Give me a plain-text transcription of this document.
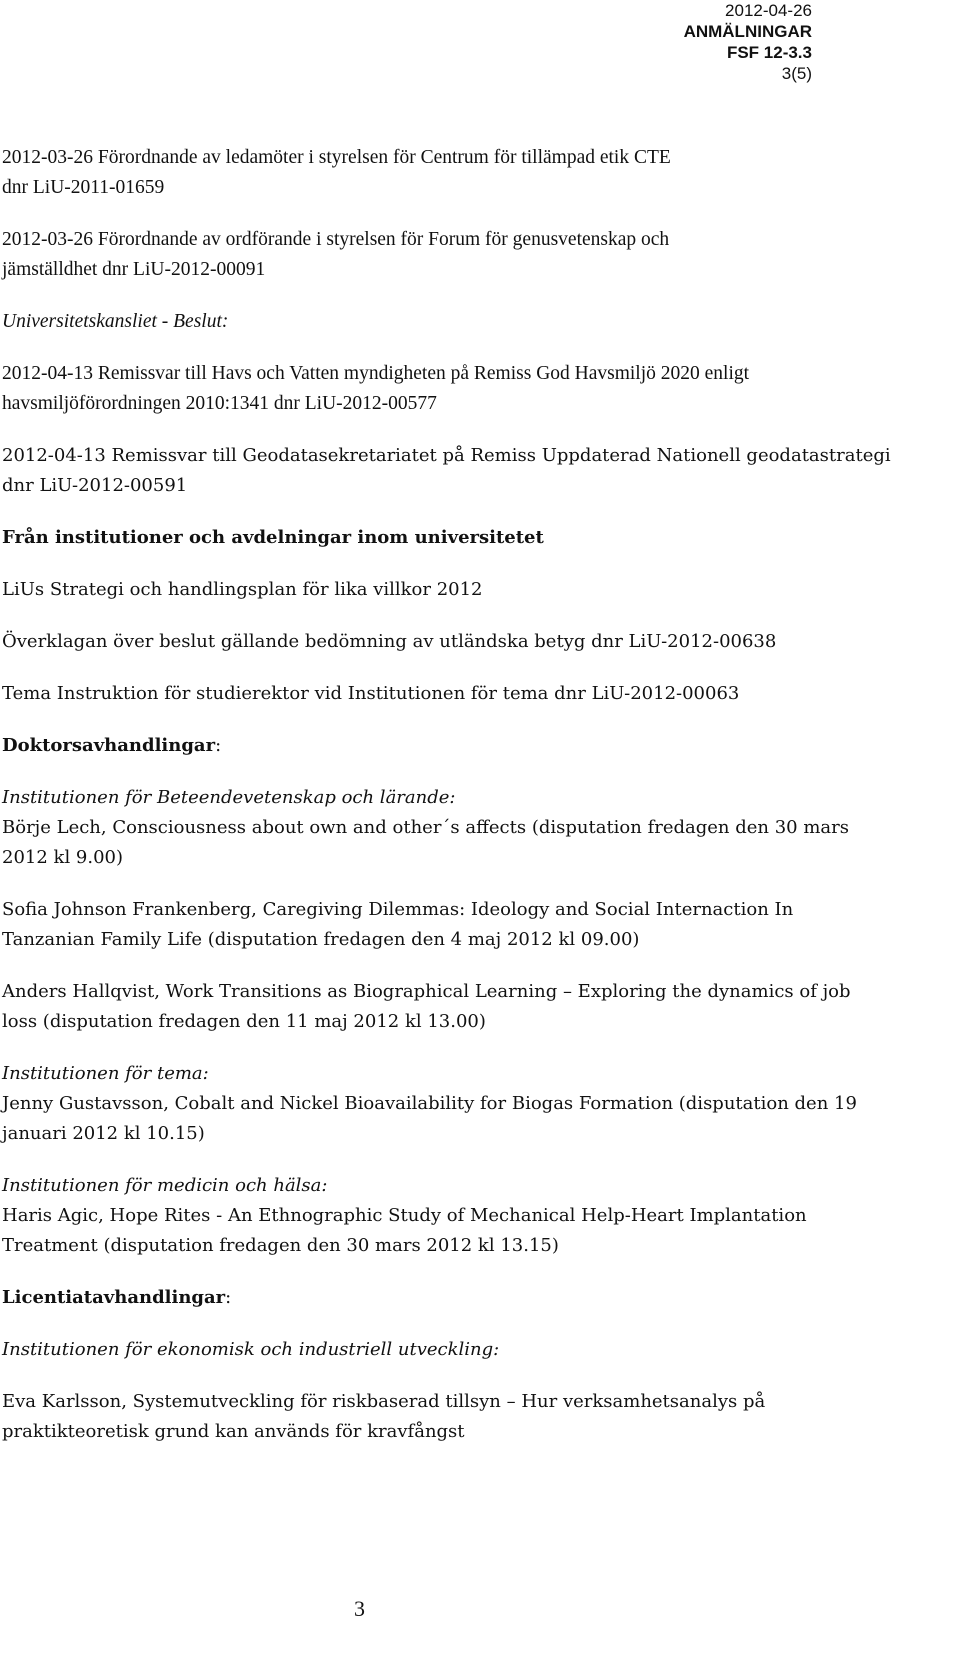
2012-04-26
ANMÄLNINGAR
FSF 12-3.3
3(5)

2012-03-26 Förordnande av ledamöter i styrelsen för Centrum för tillämpad etik CTE
dnr LiU-2011-01659

2012-03-26 Förordnande av ordförande i styrelsen för Forum för genusvetenskap och
jämställdhet dnr LiU-2012-00091

Universitetskansliet - Beslut:

2012-04-13 Remissvar till Havs och Vatten myndigheten på Remiss God Havsmiljö 2020 enligt
havsmiljöförordningen 2010:1341 dnr LiU-2012-00577

2012-04-13 Remissvar till Geodatasekretariatet på Remiss Uppdaterad Nationell geodatastrategi
dnr LiU-2012-00591

Från institutioner och avdelningar inom universitetet

LiUs Strategi och handlingsplan för lika villkor 2012

Överklagan över beslut gällande bedömning av utländska betyg dnr LiU-2012-00638

Tema Instruktion för studierektor vid Institutionen för tema dnr LiU-2012-00063

Doktorsavhandlingar:

Institutionen för Beteendevetenskap och lärande:

Börje Lech, Consciousness about own and other´s affects (disputation fredagen den 30 mars
2012 kl 9.00)

Sofia Johnson Frankenberg, Caregiving Dilemmas: Ideology and Social Internaction In
Tanzanian Family Life (disputation fredagen den 4 maj 2012 kl 09.00)

Anders Hallqvist, Work Transitions as Biographical Learning – Exploring the dynamics of job
loss (disputation fredagen den 11 maj 2012 kl 13.00)

Institutionen för tema:

Jenny Gustavsson, Cobalt and Nickel Bioavailability for Biogas Formation (disputation den 19
januari 2012 kl 10.15)

Institutionen för medicin och hälsa:

Haris Agic, Hope Rites - An Ethnographic Study of Mechanical Help-Heart Implantation
Treatment (disputation fredagen den 30 mars 2012 kl 13.15)

Licentiatavhandlingar:

Institutionen för ekonomisk och industriell utveckling:

Eva Karlsson, Systemutveckling för riskbaserad tillsyn – Hur verksamhetsanalys på
praktikteoretisk grund kan används för kravfångst

3
